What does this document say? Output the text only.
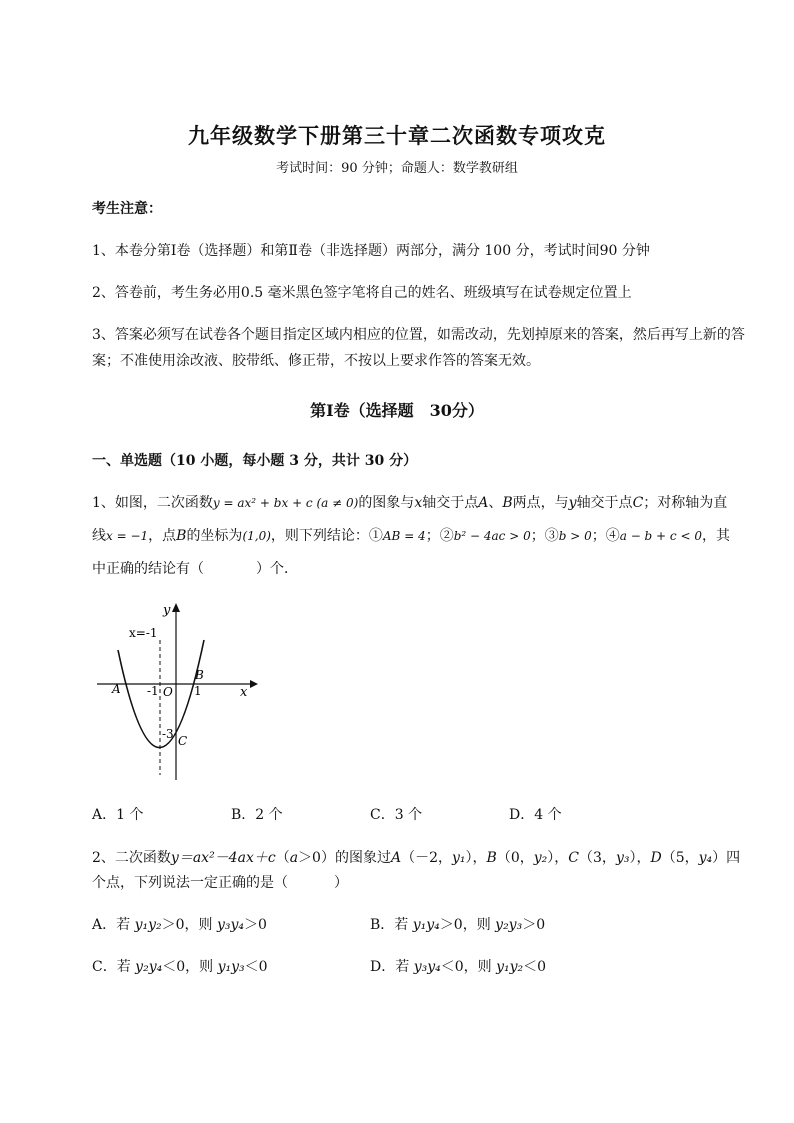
九年级数学下册第三十章二次函数专项攻克
考试时间：90 分钟；命题人：数学教研组
考生注意：
1、本卷分第Ⅰ卷（选择题）和第Ⅱ卷（非选择题）两部分，满分 100 分，考试时间90 分钟
2、答卷前，考生务必用0.5 毫米黑色签字笔将自己的姓名、班级填写在试卷规定位置上
3、答案必须写在试卷各个题目指定区域内相应的位置，如需改动，先划掉原来的答案，然后再写上新的答案；不准使用涂改液、胶带纸、修正带，不按以上要求作答的答案无效。
第Ⅰ卷（选择题　30分）
一、单选题（10 小题，每小题 3 分，共计 30 分）
1、如图，二次函数y = ax² + bx + c (a ≠ 0)的图象与x轴交于点A、B两点，与y轴交于点C；对称轴为直
线x = −1，点B的坐标为(1,0)，则下列结论：①AB = 4；②b² − 4ac > 0；③b > 0；④a − b + c < 0，其
中正确的结论有（	）个．
y
x
x=-1
A -1 O 1
B
-3 C
A．1 个	B．2 个	C．3 个	D．4 个
2、二次函数y＝ax²－4ax＋c（a＞0）的图象过A（－2，y₁），B（0，y₂），C（3，y₃），D（5，y₄）四
个点，下列说法一定正确的是（	）
A．若 y₁y₂＞0，则 y₃y₄＞0	B．若 y₁y₄＞0，则 y₂y₃＞0
C．若 y₂y₄＜0，则 y₁y₃＜0	D．若 y₃y₄＜0，则 y₁y₂＜0
